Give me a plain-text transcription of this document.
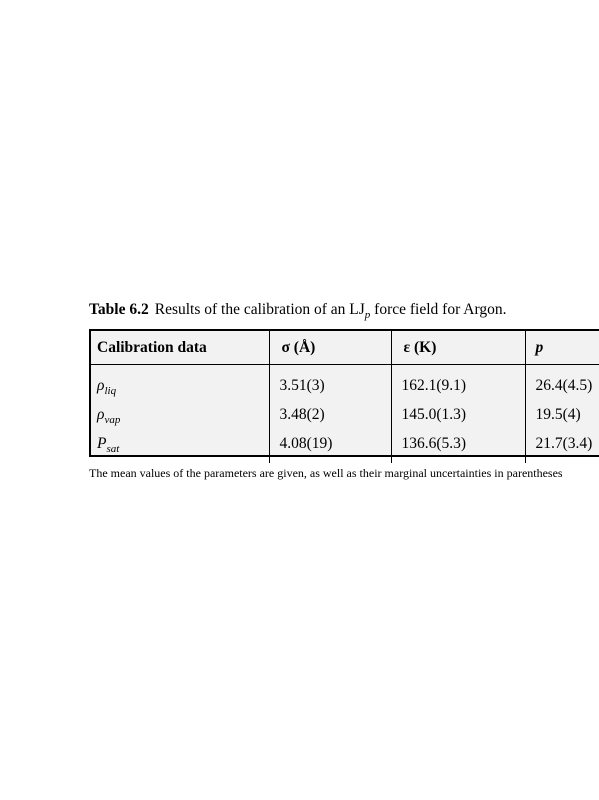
Table 6.2 Results of the calibration of an $LJ_p$ force field for Argon.
Calibration data	σ (Å)	ε (K)	p
$\rho_{liq}$	3.51(3)	162.1(9.1)	26.4(4.5)
$\rho_{vap}$	3.48(2)	145.0(1.3)	19.5(4)
$P_{sat}$	4.08(19)	136.6(5.3)	21.7(3.4)
The mean values of the parameters are given, as well as their marginal uncertainties in parentheses
